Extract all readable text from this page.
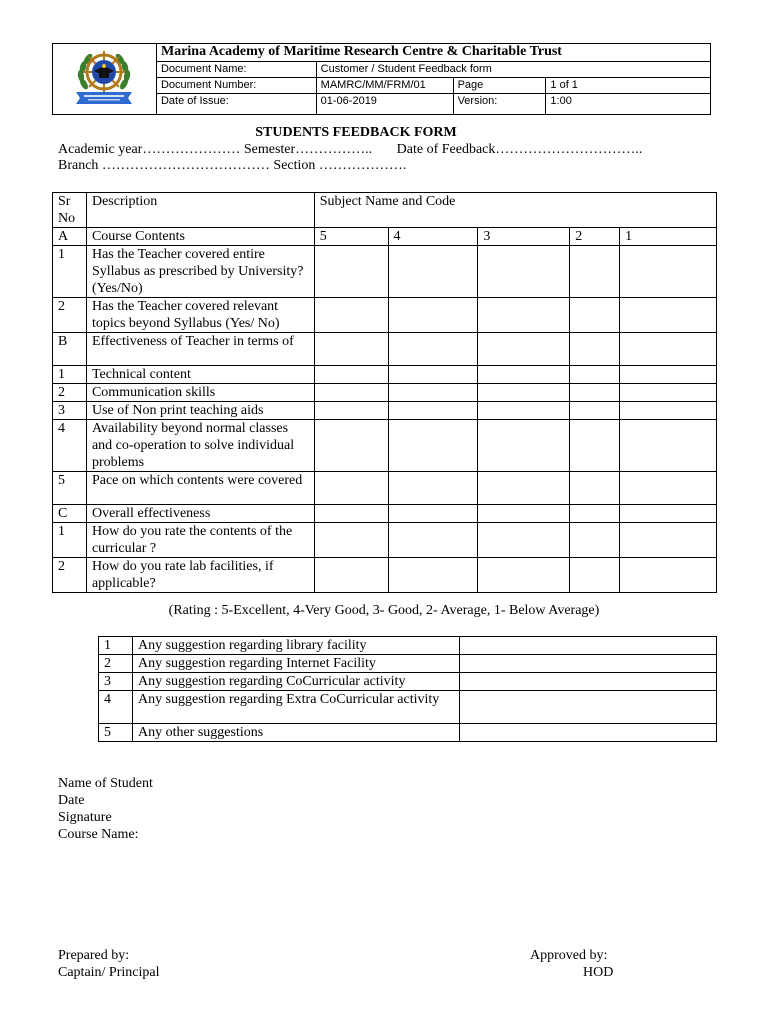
	Marina Academy of Maritime Research Centre & Charitable Trust			
	Document Name:	Customer / Student Feedback form		
	Document Number:	MAMRC/MM/FRM/01	Page	1 of 1
	Date of Issue:	01-06-2019	Version:	1:00
STUDENTS FEEDBACK FORM
Academic year………………… Semester……………..       Date of Feedback…………………………..
Branch ……………………………… Section ……………….
Sr No	Description	Subject Name and Code				
A	Course Contents	5	4	3	2	1
1	Has the Teacher covered entire Syllabus as prescribed by University? (Yes/No)					
2	Has the Teacher covered relevant topics beyond Syllabus (Yes/ No)					
B	Effectiveness of Teacher in terms of					
1	Technical content					
2	Communication skills					
3	Use of Non print teaching aids					
4	Availability beyond normal classes and co-operation to solve individual problems					
5	Pace on which contents were covered					
C	Overall effectiveness					
1	How do you rate the contents of the curricular ?					
2	How do you rate lab facilities, if applicable?					
(Rating : 5-Excellent, 4-Very Good, 3- Good, 2- Average, 1- Below Average)
1	Any suggestion regarding library facility	
2	Any suggestion regarding Internet Facility	
3	Any suggestion regarding CoCurricular activity	
4	Any suggestion regarding Extra CoCurricular activity	
5	Any other suggestions	
Name of Student
Date
Signature
Course Name:
Prepared by:
Captain/ Principal
Approved by:
HOD
